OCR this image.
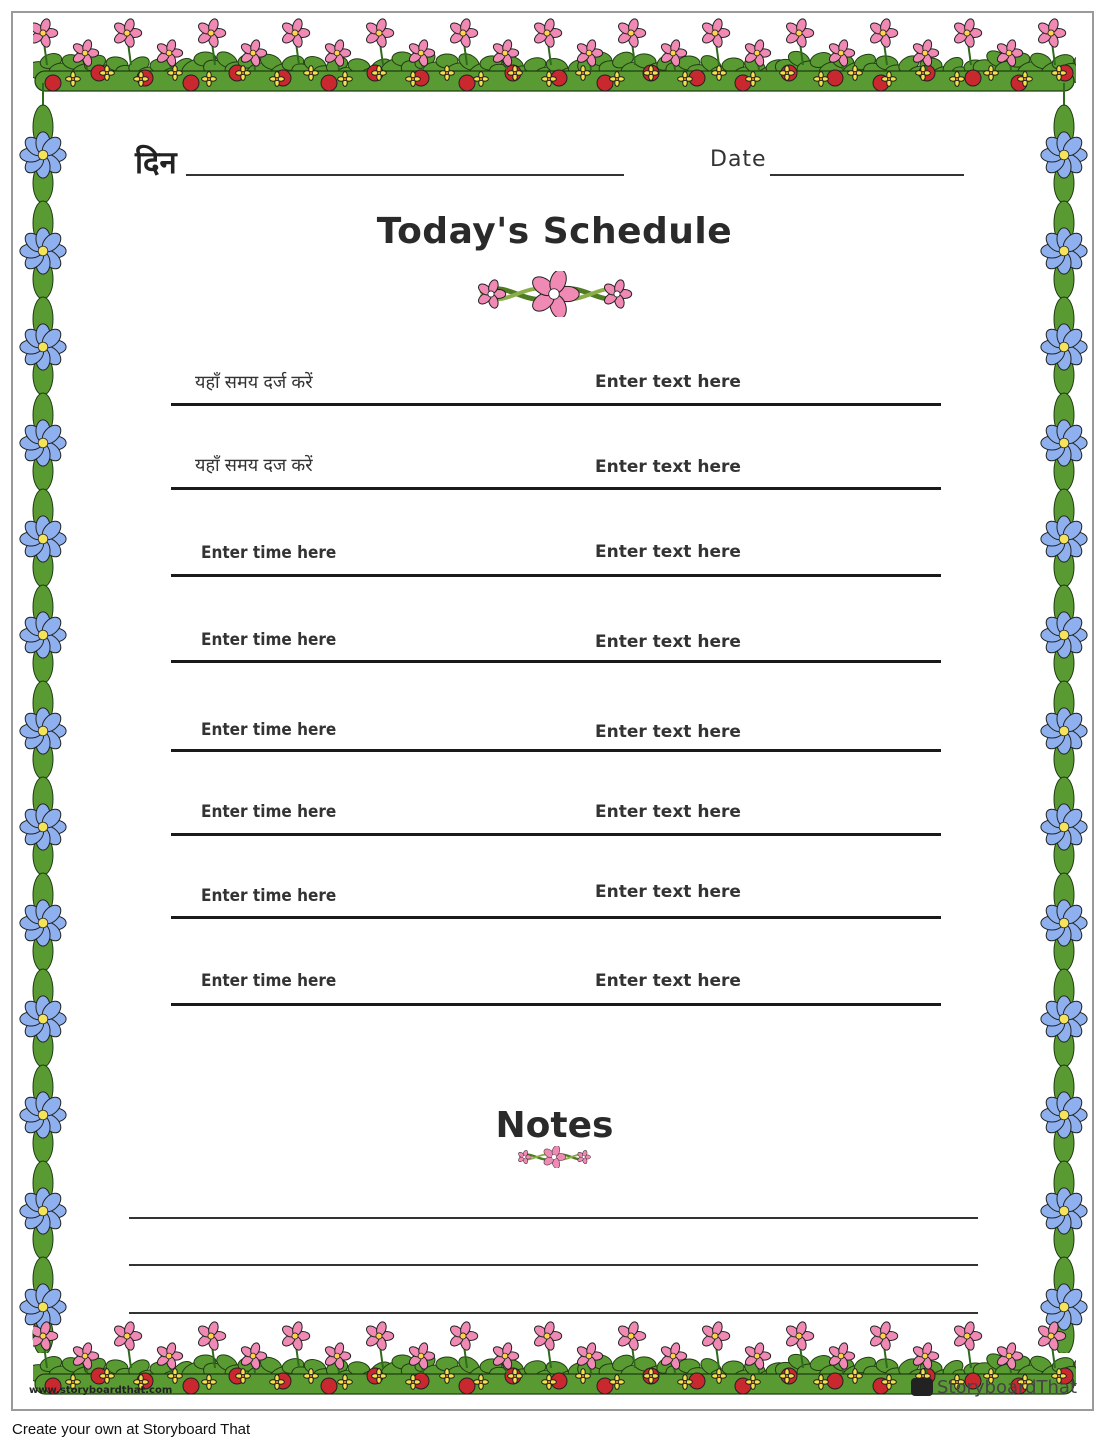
दिन	Date
Today's Schedule
यहाँ समय दर्ज करें	Enter text here
यहाँ समय दज करें	Enter text here
Enter time here	Enter text here
Enter time here	Enter text here
Enter time here	Enter text here
Enter time here	Enter text here
Enter time here	Enter text here
Enter time here	Enter text here
Notes
www.storyboardthat.com	StoryboardThat
Create your own at Storyboard That
